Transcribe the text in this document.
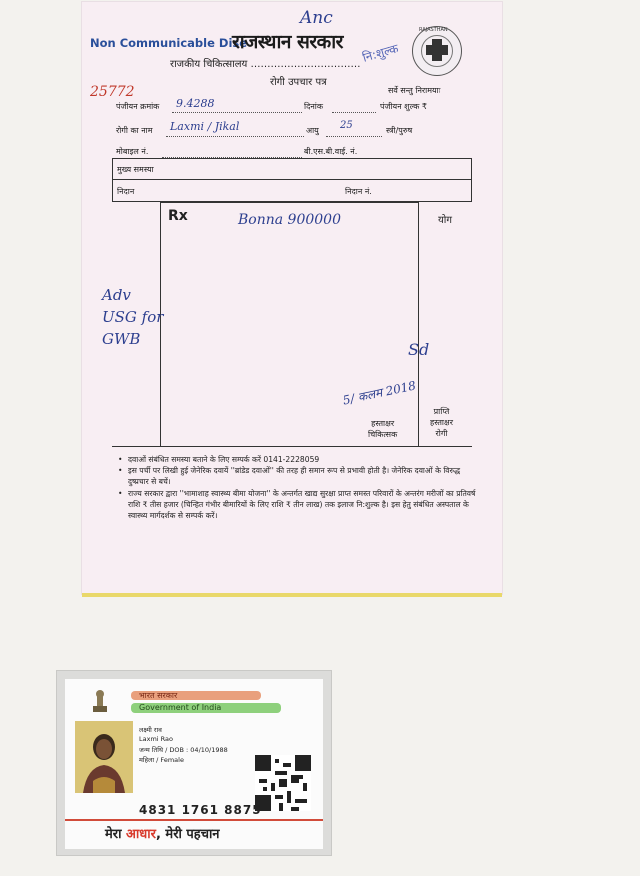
Non Communicable Dise
राजस्थान सरकार
राजकीय चिकित्सालय ……………………………
रोगी उपचार पत्र
सर्वे सन्तु निरामयाः
RAJASTHAN
Anc
नि:शुल्क
25772
पंजीयन क्रमांक 9.4288	दिनांक	पंजीयन शुल्क ₹
रोगी का नाम Laxmi / Jikal	आयु 25	स्त्री/पुरुष
मोबाइल नं.	बी.एस.बी.वाई. नं.
मुख्य समस्या
निदान	निदान नं.
Rx	योग
Bonna 900000
Adv
USG for
GWB
Sd
5/ कलम 2018
हस्ताक्षर
चिकित्सक
प्राप्ति
हस्ताक्षर
रोगी
• दवाओं संबंधित समस्या बताने के लिए सम्पर्क करें 0141-2228059
• इस पर्ची पर लिखी हुई जेनेरिक दवायें ''ब्रांडेड दवाओं'' की तरह ही समान रूप से प्रभावी होती है। जेनेरिक दवाओं के विरुद्ध दुष्प्रचार से बचें।
• राज्य सरकार द्वारा ''भामाशाह स्वास्थ्य बीमा योजना'' के अन्तर्गत खाद्य सुरक्षा प्राप्त समस्त परिवारों के अन्तरंग मरीजों का प्रतिवर्ष राशि ₹ तीस हजार (चिन्हित गंभीर बीमारियों के लिए राशि ₹ तीन लाख) तक इलाज नि:शुल्क है। इस हेतु संबंधित अस्पताल के स्वास्थ्य मार्गदर्शक से सम्पर्क करें।
भारत सरकार
Government of India
लक्ष्मी राव
Laxmi Rao
जन्म तिथि / DOB : 04/10/1988
महिला / Female
4831 1761 8875
मेरा आधार, मेरी पहचान
